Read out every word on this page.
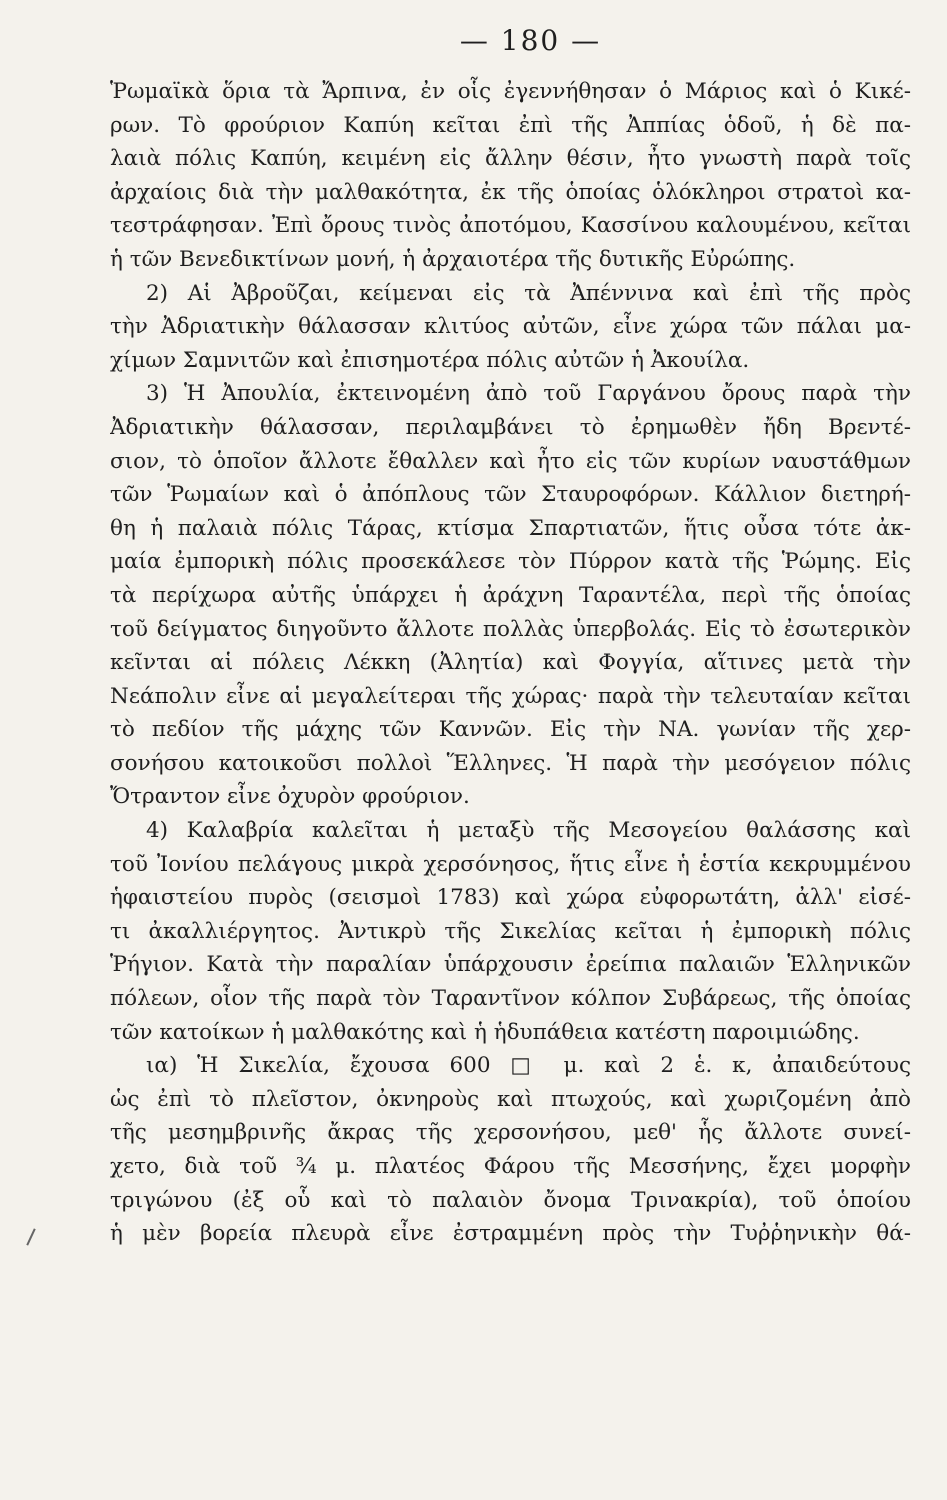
— 180 —
Ῥωμαϊκὰ ὅρια τὰ Ἄρπινα, ἐν οἷς ἐγεννήθησαν ὁ Μάριος καὶ ὁ Κικέ-
ρων. Τὸ φρούριον Καπύη κεῖται ἐπὶ τῆς Ἀππίας ὁδοῦ, ἡ δὲ πα-
λαιὰ πόλις Καπύη, κειμένη εἰς ἄλλην θέσιν, ἦτο γνωστὴ παρὰ τοῖς
ἀρχαίοις διὰ τὴν μαλθακότητα, ἐκ τῆς ὁποίας ὁλόκληροι στρατοὶ κα-
τεστράφησαν. Ἐπὶ ὄρους τινὸς ἀποτόμου, Κασσίνου καλουμένου, κεῖται
ἡ τῶν Βενεδικτίνων μονή, ἡ ἀρχαιοτέρα τῆς δυτικῆς Εὐρώπης.
2) Αἱ Ἀβροῦζαι, κείμεναι εἰς τὰ Ἀπέννινα καὶ ἐπὶ τῆς πρὸς
τὴν Ἀδριατικὴν θάλασσαν κλιτύος αὐτῶν, εἶνε χώρα τῶν πάλαι μα-
χίμων Σαμνιτῶν καὶ ἐπισημοτέρα πόλις αὐτῶν ἡ Ἀκουίλα.
3) Ἡ Ἀπουλία, ἐκτεινομένη ἀπὸ τοῦ Γαργάνου ὄρους παρὰ τὴν
Ἀδριατικὴν θάλασσαν, περιλαμβάνει τὸ ἐρημωθὲν ἤδη Βρεντέ-
σιον, τὸ ὁποῖον ἄλλοτε ἔθαλλεν καὶ ἦτο εἰς τῶν κυρίων ναυστάθμων
τῶν Ῥωμαίων καὶ ὁ ἀπόπλους τῶν Σταυροφόρων. Κάλλιον διετηρή-
θη ἡ παλαιὰ πόλις Τάρας, κτίσμα Σπαρτιατῶν, ἥτις οὖσα τότε ἀκ-
μαία ἐμπορικὴ πόλις προσεκάλεσε τὸν Πύρρον κατὰ τῆς Ῥώμης. Εἰς
τὰ περίχωρα αὐτῆς ὑπάρχει ἡ ἀράχνη Ταραντέλα, περὶ τῆς ὁποίας
τοῦ δείγματος διηγοῦντο ἄλλοτε πολλὰς ὑπερβολάς. Εἰς τὸ ἐσωτερικὸν
κεῖνται αἱ πόλεις Λέκκη (Ἀλητία) καὶ Φογγία, αἵτινες μετὰ τὴν
Νεάπολιν εἶνε αἱ μεγαλείτεραι τῆς χώρας· παρὰ τὴν τελευταίαν κεῖται
τὸ πεδίον τῆς μάχης τῶν Καννῶν. Εἰς τὴν ΝΑ. γωνίαν τῆς χερ-
σονήσου κατοικοῦσι πολλοὶ Ἕλληνες. Ἡ παρὰ τὴν μεσόγειον πόλις
Ὄτραντον εἶνε ὀχυρὸν φρούριον.
4) Καλαβρία καλεῖται ἡ μεταξὺ τῆς Μεσογείου θαλάσσης καὶ
τοῦ Ἰονίου πελάγους μικρὰ χερσόνησος, ἥτις εἶνε ἡ ἑστία κεκρυμμένου
ἡφαιστείου πυρὸς (σεισμοὶ 1783) καὶ χώρα εὐφορωτάτη, ἀλλ' εἰσέ-
τι ἀκαλλιέργητος. Ἀντικρὺ τῆς Σικελίας κεῖται ἡ ἐμπορικὴ πόλις
Ῥήγιον. Κατὰ τὴν παραλίαν ὑπάρχουσιν ἐρείπια παλαιῶν Ἑλληνικῶν
πόλεων, οἷον τῆς παρὰ τὸν Ταραντῖνον κόλπον Συβάρεως, τῆς ὁποίας
τῶν κατοίκων ἡ μαλθακότης καὶ ἡ ἡδυπάθεια κατέστη παροιμιώδης.
ια) Ἡ Σικελία, ἔχουσα 600 □ μ. καὶ 2 ἑ. κ, ἀπαιδεύτους
ὡς ἐπὶ τὸ πλεῖστον, ὀκνηροὺς καὶ πτωχούς, καὶ χωριζομένη ἀπὸ
τῆς μεσημβρινῆς ἄκρας τῆς χερσονήσου, μεθ' ἧς ἄλλοτε συνεί-
χετο, διὰ τοῦ ¾ μ. πλατέος Φάρου τῆς Μεσσήνης, ἔχει μορφὴν
τριγώνου (ἐξ οὗ καὶ τὸ παλαιὸν ὄνομα Τρινακρία), τοῦ ὁποίου
ἡ μὲν βορεία πλευρὰ εἶνε ἐστραμμένη πρὸς τὴν Τυῤῥηνικὴν θά-
